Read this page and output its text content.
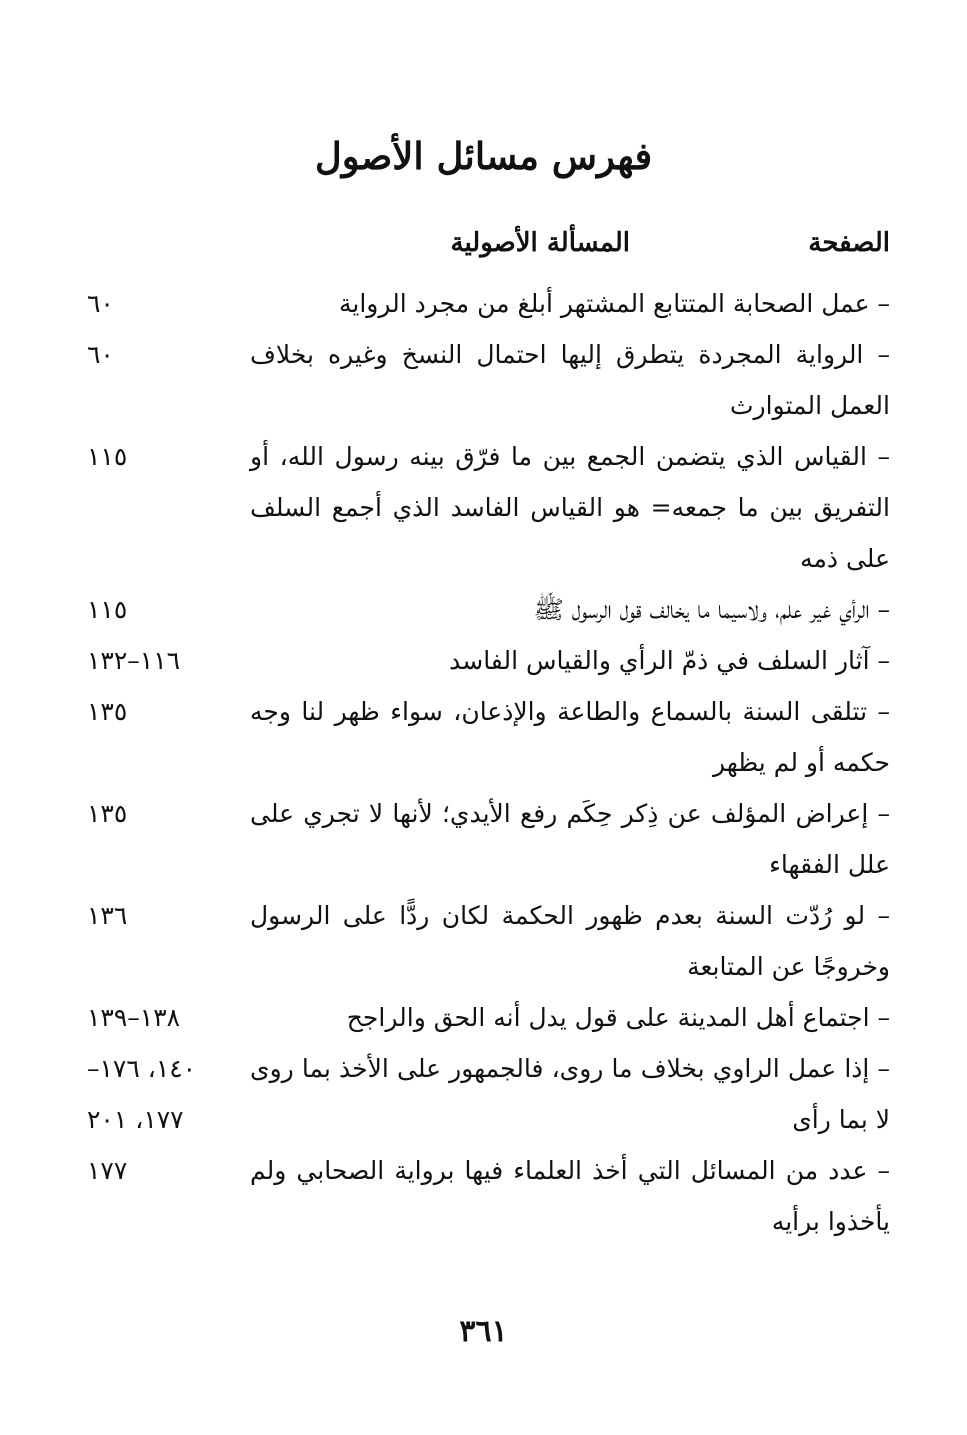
فهرس مسائل الأصول
المسألة الأصولية	الصفحة

– عمل الصحابة المتتابع المشتهر أبلغ من مجرد الرواية

٦٠

– الرواية المجردة يتطرق إليها احتمال النسخ وغيره بخلاف العمل المتوارث

٦٠

– القياس الذي يتضمن الجمع بين ما فرّق بينه رسول الله، أو التفريق بين ما جمعه= هو القياس الفاسد الذي أجمع السلف على ذمه

١١٥

– الرأي غير علم، ولاسيما ما يخالف قول الرسول ﷺ

١١٥

– آثار السلف في ذمّ الرأي والقياس الفاسد

١١٦–١٣٢

– تتلقى السنة بالسماع والطاعة والإذعان، سواء ظهر لنا وجه حكمه أو لم يظهر

١٣٥

– إعراض المؤلف عن ذِكر حِكَم رفع الأيدي؛ لأنها لا تجري على علل الفقهاء

١٣٥

– لو رُدّت السنة بعدم ظهور الحكمة لكان ردًّا على الرسول وخروجًا عن المتابعة

١٣٦

– اجتماع أهل المدينة على قول يدل أنه الحق والراجح

١٣٨–١٣٩

– إذا عمل الراوي بخلاف ما روى، فالجمهور على الأخذ بما روى لا بما رأى

١٤٠، ١٧٦–
١٧٧، ٢٠١

– عدد من المسائل التي أخذ العلماء فيها برواية الصحابي ولم يأخذوا برأيه

١٧٧
٣٦١
